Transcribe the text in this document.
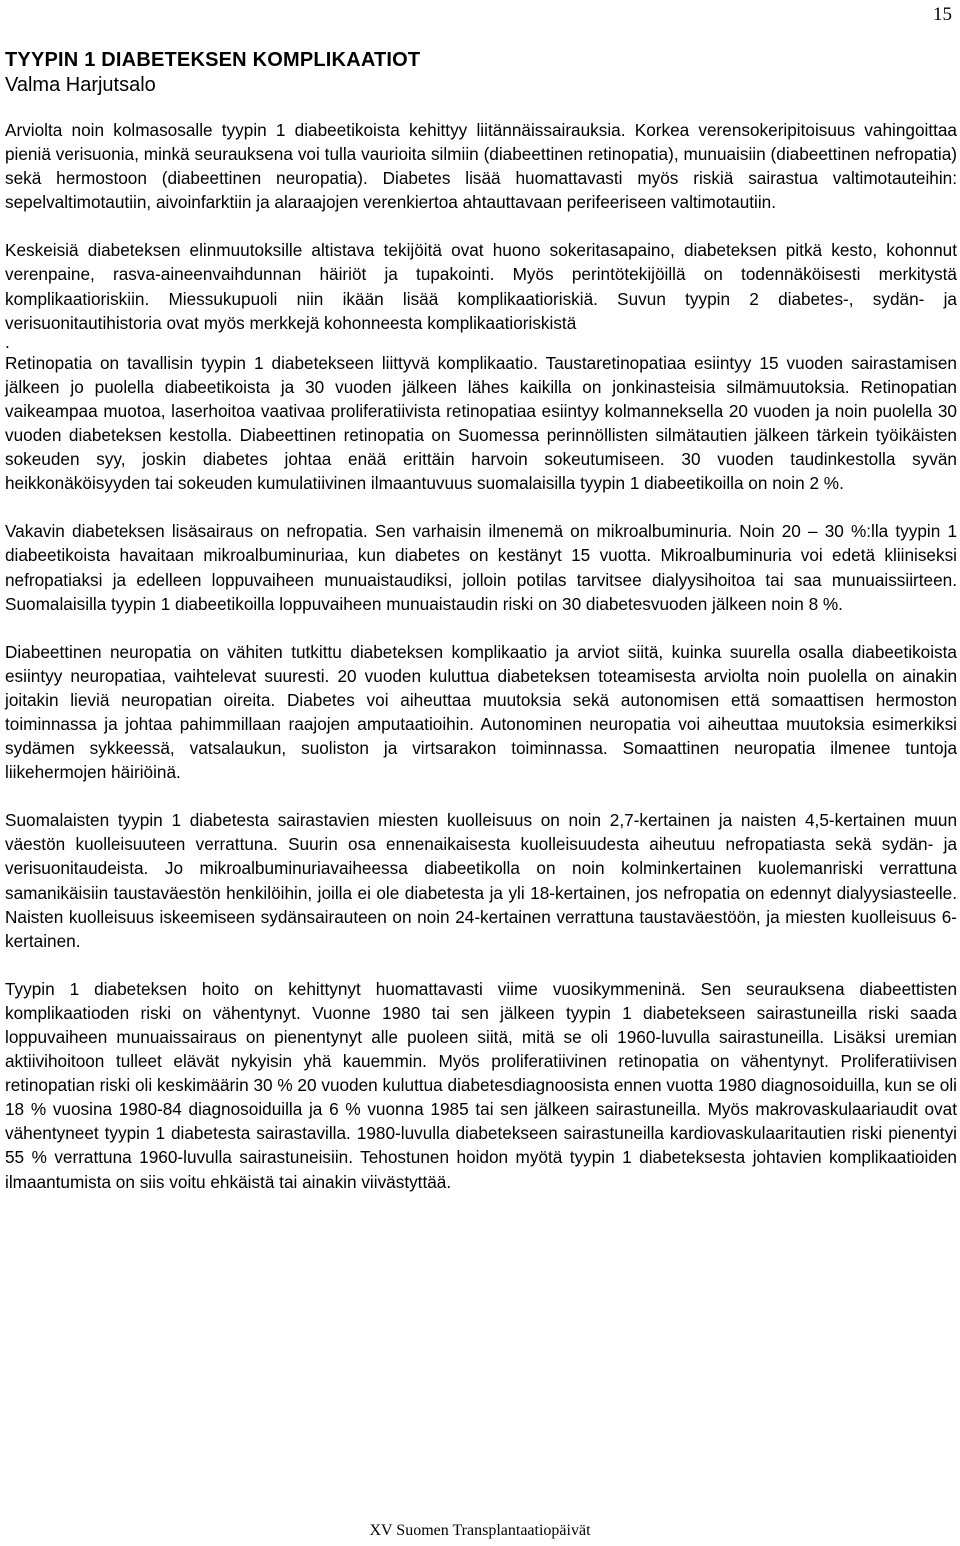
15
TYYPIN 1 DIABETEKSEN KOMPLIKAATIOT
Valma Harjutsalo

Arviolta noin kolmasosalle tyypin 1 diabeetikoista kehittyy liitännäissairauksia. Korkea verensokeripitoisuus vahingoittaa pieniä verisuonia, minkä seurauksena voi tulla vaurioita silmiin (diabeettinen retinopatia), munuaisiin (diabeettinen nefropatia) sekä hermostoon (diabeettinen neuropatia). Diabetes lisää huomattavasti myös riskiä sairastua valtimotauteihin: sepelvaltimotautiin, aivoinfarktiin ja alaraajojen verenkiertoa ahtauttavaan perifeeriseen valtimotautiin.

Keskeisiä diabeteksen elinmuutoksille altistava tekijöitä ovat huono sokeritasapaino, diabeteksen pitkä kesto, kohonnut verenpaine, rasva-aineenvaihdunnan häiriöt ja tupakointi. Myös perintötekijöillä on todennäköisesti merkitystä komplikaatioriskiin. Miessukupuoli niin ikään lisää komplikaatioriskiä. Suvun tyypin 2 diabetes-, sydän- ja verisuonitautihistoria ovat myös merkkejä kohonneesta komplikaatioriskistä

.

Retinopatia on tavallisin tyypin 1 diabetekseen liittyvä komplikaatio. Taustaretinopatiaa esiintyy 15 vuoden sairastamisen jälkeen jo puolella diabeetikoista ja 30 vuoden jälkeen lähes kaikilla on jonkinasteisia silmämuutoksia. Retinopatian vaikeampaa muotoa, laserhoitoa vaativaa proliferatiivista retinopatiaa esiintyy kolmanneksella 20 vuoden ja noin puolella 30 vuoden diabeteksen kestolla. Diabeettinen retinopatia on Suomessa perinnöllisten silmätautien jälkeen tärkein työikäisten sokeuden syy, joskin diabetes johtaa enää erittäin harvoin sokeutumiseen. 30 vuoden taudinkestolla syvän heikkonäköisyyden tai sokeuden kumulatiivinen ilmaantuvuus suomalaisilla tyypin 1 diabeetikoilla on noin 2 %.

Vakavin diabeteksen lisäsairaus on nefropatia. Sen varhaisin ilmenemä on mikroalbuminuria. Noin 20 – 30 %:lla tyypin 1 diabeetikoista havaitaan mikroalbuminuriaa, kun diabetes on kestänyt 15 vuotta. Mikroalbuminuria voi edetä kliiniseksi nefropatiaksi ja edelleen loppuvaiheen munuaistaudiksi, jolloin potilas tarvitsee dialyysihoitoa tai saa munuaissiirteen. Suomalaisilla tyypin 1 diabeetikoilla loppuvaiheen munuaistaudin riski on 30 diabetesvuoden jälkeen noin 8 %.

Diabeettinen neuropatia on vähiten tutkittu diabeteksen komplikaatio ja arviot siitä, kuinka suurella osalla diabeetikoista esiintyy neuropatiaa, vaihtelevat suuresti. 20 vuoden kuluttua diabeteksen toteamisesta arviolta noin puolella on ainakin joitakin lieviä neuropatian oireita. Diabetes voi aiheuttaa muutoksia sekä autonomisen että somaattisen hermoston toiminnassa ja johtaa pahimmillaan raajojen amputaatioihin. Autonominen neuropatia voi aiheuttaa muutoksia esimerkiksi sydämen sykkeessä, vatsalaukun, suoliston ja virtsarakon toiminnassa. Somaattinen neuropatia ilmenee tuntoja liikehermojen häiriöinä.

Suomalaisten tyypin 1 diabetesta sairastavien miesten kuolleisuus on noin 2,7-kertainen ja naisten 4,5-kertainen muun väestön kuolleisuuteen verrattuna. Suurin osa ennenaikaisesta kuolleisuudesta aiheutuu nefropatiasta sekä sydän- ja verisuonitaudeista. Jo mikroalbuminuriavaiheessa diabeetikolla on noin kolminkertainen kuolemanriski verrattuna samanikäisiin taustaväestön henkilöihin, joilla ei ole diabetesta ja yli 18-kertainen, jos nefropatia on edennyt dialyysiasteelle. Naisten kuolleisuus iskeemiseen sydänsairauteen on noin 24-kertainen verrattuna taustaväestöön, ja miesten kuolleisuus 6-kertainen.

Tyypin 1 diabeteksen hoito on kehittynyt huomattavasti viime vuosikymmeninä. Sen seurauksena diabeettisten komplikaatioden riski on vähentynyt. Vuonne 1980 tai sen jälkeen tyypin 1 diabetekseen sairastuneilla riski saada loppuvaiheen munuaissairaus on pienentynyt alle puoleen siitä, mitä se oli 1960-luvulla sairastuneilla. Lisäksi uremian aktiivihoitoon tulleet elävät nykyisin yhä kauemmin. Myös proliferatiivinen retinopatia on vähentynyt. Proliferatiivisen retinopatian riski oli keskimäärin 30 % 20 vuoden kuluttua diabetesdiagnoosista ennen vuotta 1980 diagnosoiduilla, kun se oli 18 % vuosina 1980-84 diagnosoiduilla ja 6 % vuonna 1985 tai sen jälkeen sairastuneilla. Myös makrovaskulaariaudit ovat vähentyneet tyypin 1 diabetesta sairastavilla. 1980-luvulla diabetekseen sairastuneilla kardiovaskulaaritautien riski pienentyi 55 % verrattuna 1960-luvulla sairastuneisiin. Tehostunen hoidon myötä tyypin 1 diabeteksesta johtavien komplikaatioiden ilmaantumista on siis voitu ehkäistä tai ainakin viivästyttää.

XV Suomen Transplantaatiopäivät
